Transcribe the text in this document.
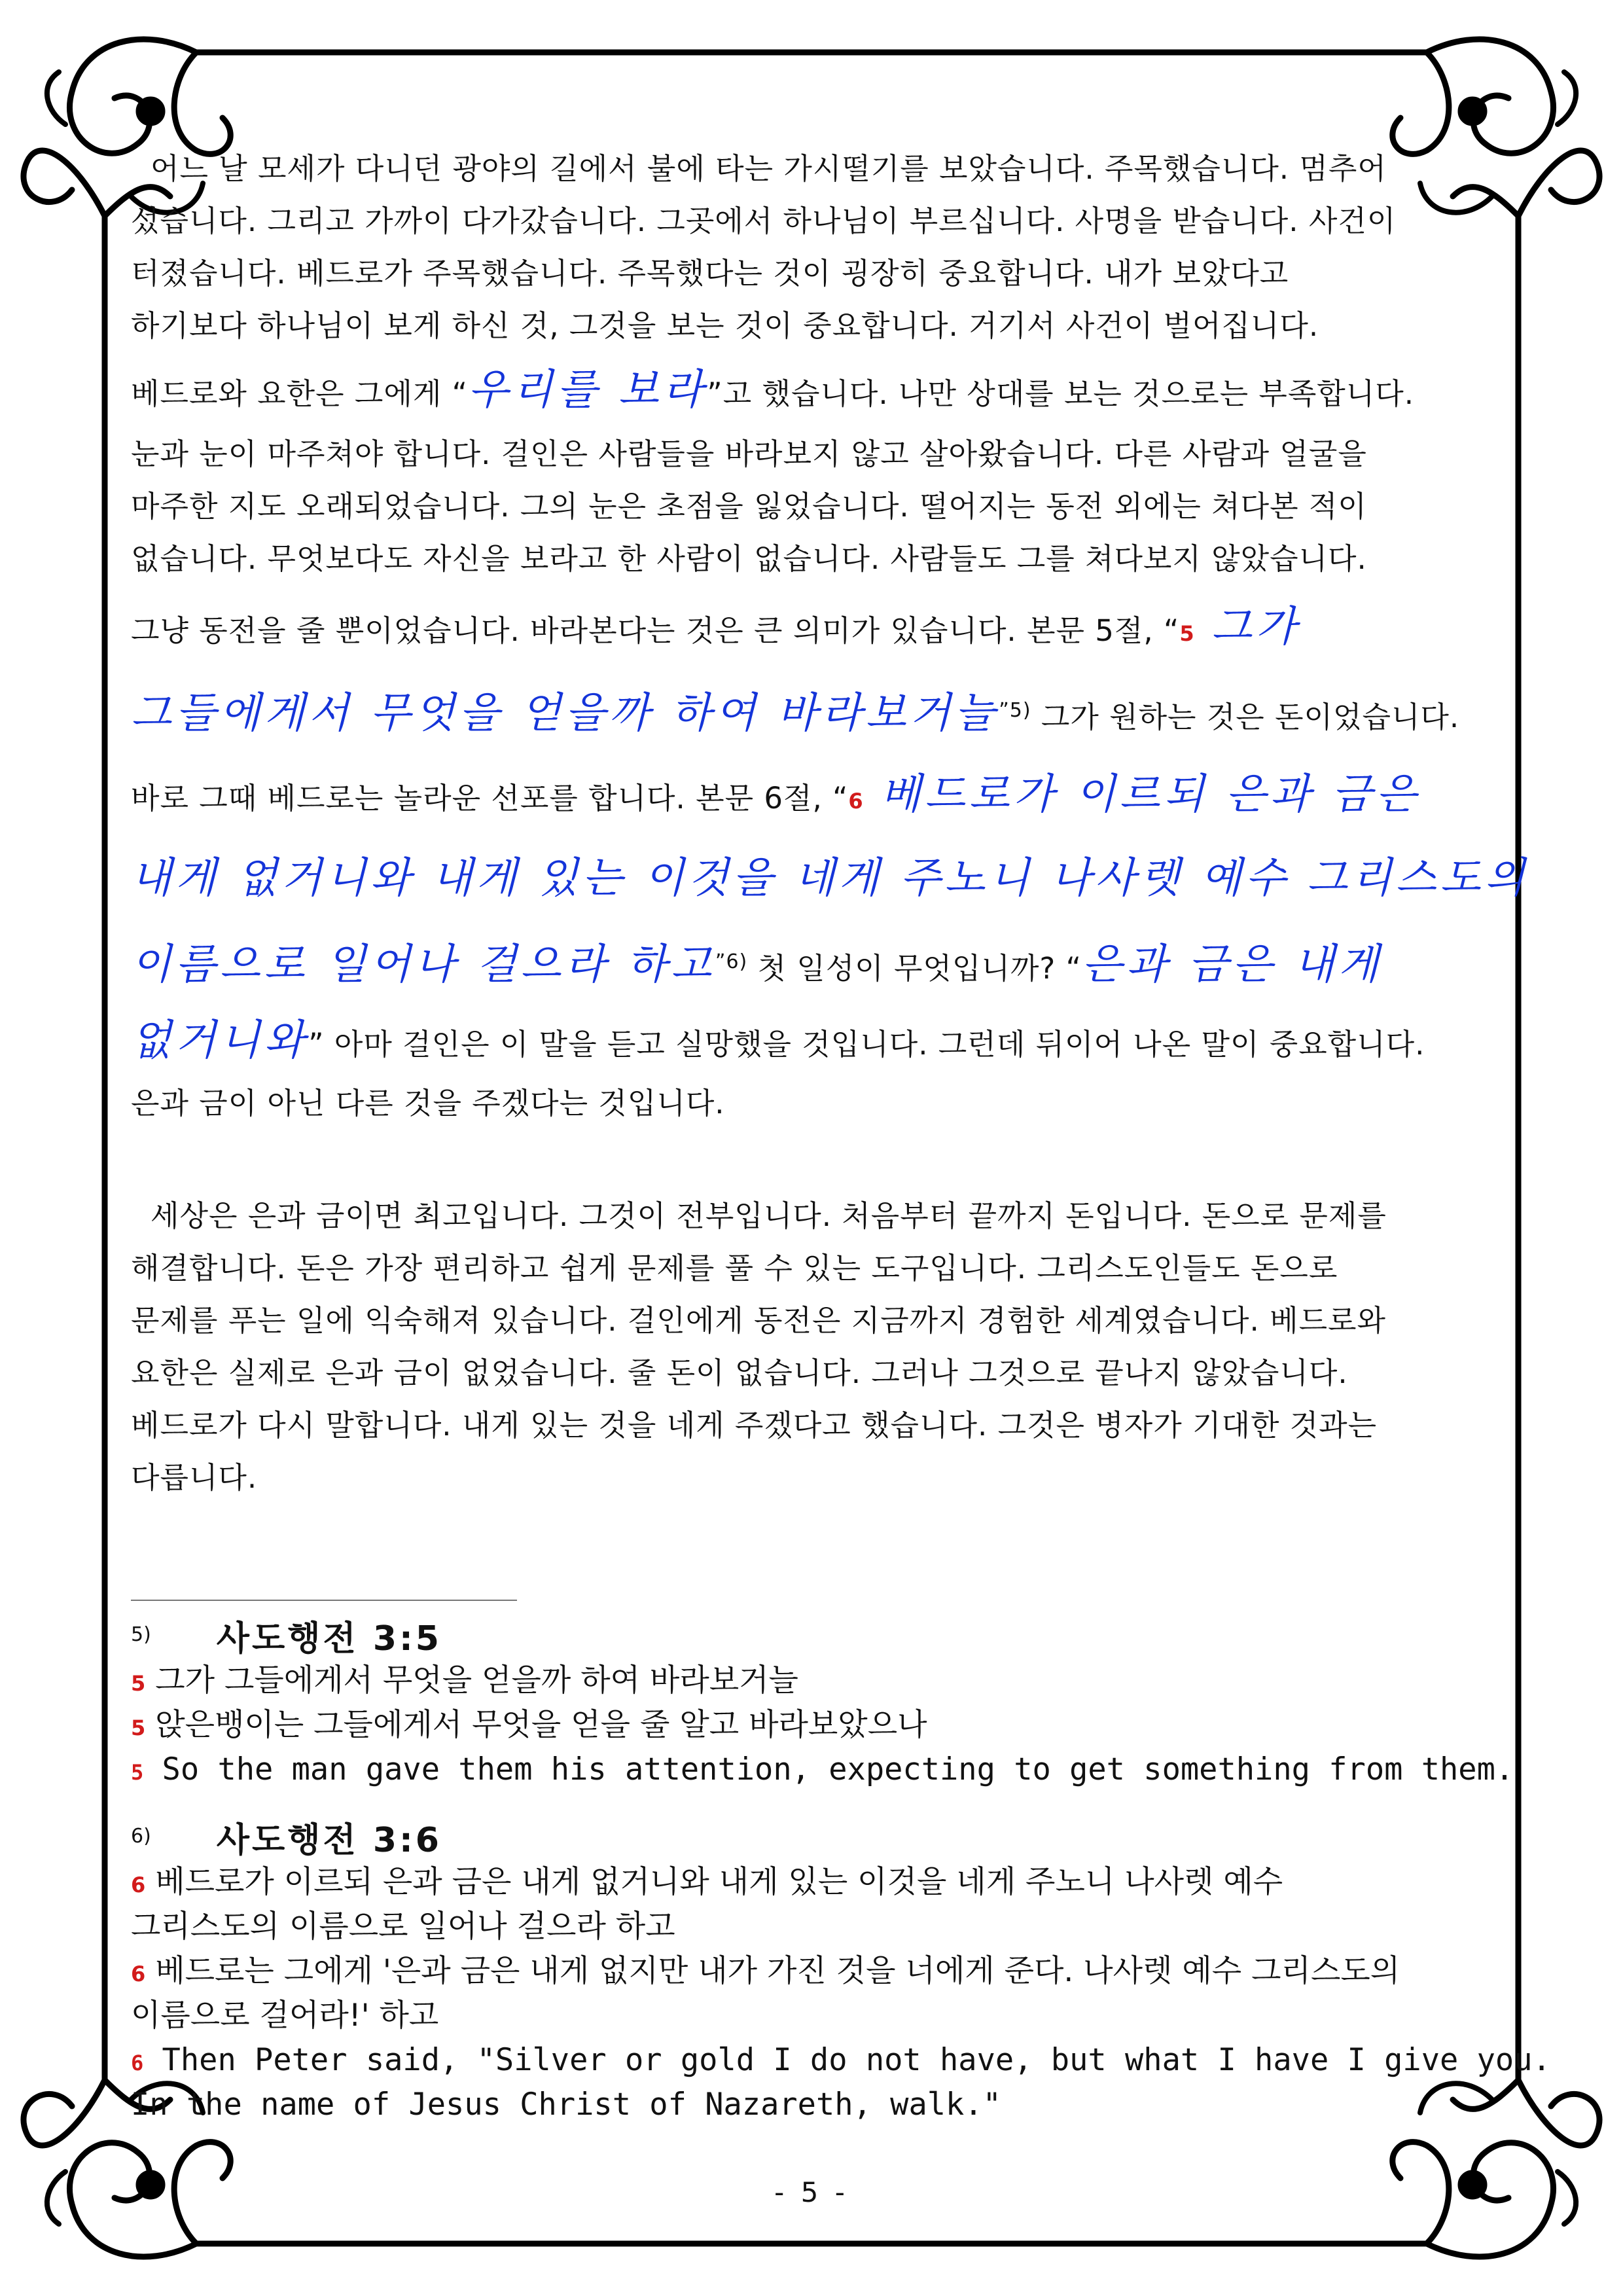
어느 날 모세가 다니던 광야의 길에서 불에 타는 가시떨기를 보았습니다. 주목했습니다. 멈추어
섰습니다. 그리고 가까이 다가갔습니다. 그곳에서 하나님이 부르십니다. 사명을 받습니다. 사건이
터졌습니다. 베드로가 주목했습니다. 주목했다는 것이 굉장히 중요합니다. 내가 보았다고
하기보다 하나님이 보게 하신 것, 그것을 보는 것이 중요합니다. 거기서 사건이 벌어집니다.
베드로와 요한은 그에게 “우리를 보라”고 했습니다. 나만 상대를 보는 것으로는 부족합니다.
눈과 눈이 마주쳐야 합니다. 걸인은 사람들을 바라보지 않고 살아왔습니다. 다른 사람과 얼굴을
마주한 지도 오래되었습니다. 그의 눈은 초점을 잃었습니다. 떨어지는 동전 외에는 쳐다본 적이
없습니다. 무엇보다도 자신을 보라고 한 사람이 없습니다. 사람들도 그를 쳐다보지 않았습니다.
그냥 동전을 줄 뿐이었습니다. 바라본다는 것은 큰 의미가 있습니다. 본문 5절, “5 그가
그들에게서 무엇을 얻을까 하여 바라보거늘$^{”5)}$ 그가 원하는 것은 돈이었습니다.
바로 그때 베드로는 놀라운 선포를 합니다. 본문 6절, “6 베드로가 이르되 은과 금은
내게 없거니와 내게 있는 이것을 네게 주노니 나사렛 예수 그리스도의
이름으로 일어나 걸으라 하고$^{”6)}$ 첫 일성이 무엇입니까? “은과 금은 내게
없거니와” 아마 걸인은 이 말을 듣고 실망했을 것입니다. 그런데 뒤이어 나온 말이 중요합니다.
은과 금이 아닌 다른 것을 주겠다는 것입니다.
세상은 은과 금이면 최고입니다. 그것이 전부입니다. 처음부터 끝까지 돈입니다. 돈으로 문제를
해결합니다. 돈은 가장 편리하고 쉽게 문제를 풀 수 있는 도구입니다. 그리스도인들도 돈으로
문제를 푸는 일에 익숙해져 있습니다. 걸인에게 동전은 지금까지 경험한 세계였습니다. 베드로와
요한은 실제로 은과 금이 없었습니다. 줄 돈이 없습니다. 그러나 그것으로 끝나지 않았습니다.
베드로가 다시 말합니다. 내게 있는 것을 네게 주겠다고 했습니다. 그것은 병자가 기대한 것과는
다릅니다.
$^{5)}$ 사도행전 3:5
5 그가 그들에게서 무엇을 얻을까 하여 바라보거늘
5 앉은뱅이는 그들에게서 무엇을 얻을 줄 알고 바라보았으나
5 So the man gave them his attention, expecting to get something from them.
$^{6)}$ 사도행전 3:6
6 베드로가 이르되 은과 금은 내게 없거니와 내게 있는 이것을 네게 주노니 나사렛 예수
그리스도의 이름으로 일어나 걸으라 하고
6 베드로는 그에게 '은과 금은 내게 없지만 내가 가진 것을 너에게 준다. 나사렛 예수 그리스도의
이름으로 걸어라!' 하고
6 Then Peter said, "Silver or gold I do not have, but what I have I give you.
In the name of Jesus Christ of Nazareth, walk."
- 5 -
